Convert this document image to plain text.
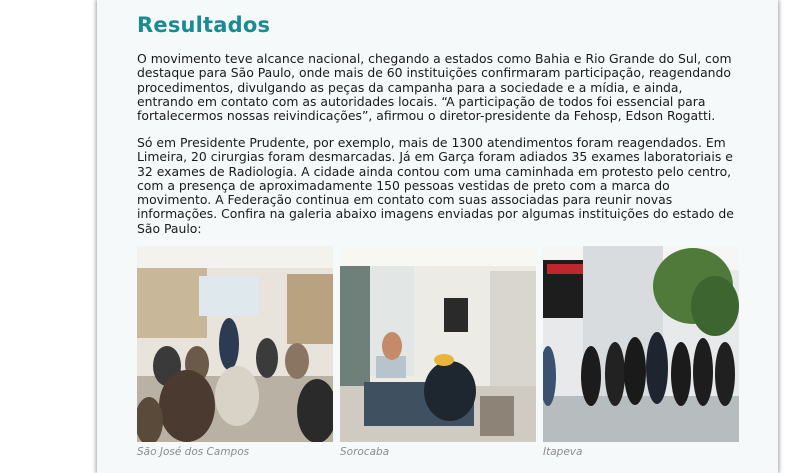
Resultados

O movimento teve alcance nacional, chegando a estados como Bahia e Rio Grande do Sul, com destaque para São Paulo, onde mais de 60 instituições confirmaram participação, reagendando procedimentos, divulgando as peças da campanha para a sociedade e a mídia, e ainda, entrando em contato com as autoridades locais. “A participação de todos foi essencial para fortalecermos nossas reivindicações”, afirmou o diretor-presidente da Fehosp, Edson Rogatti.

Só em Presidente Prudente, por exemplo, mais de 1300 atendimentos foram reagendados. Em Limeira, 20 cirurgias foram desmarcadas. Já em Garça foram adiados 35 exames laboratoriais e 32 exames de Radiologia. A cidade ainda contou com uma caminhada em protesto pelo centro, com a presença de aproximadamente 150 pessoas vestidas de preto com a marca do movimento. A Federação continua em contato com suas associadas para reunir novas informações. Confira na galeria abaixo imagens enviadas por algumas instituições do estado de São Paulo:

São José dos Campos	Sorocaba	Itapeva
